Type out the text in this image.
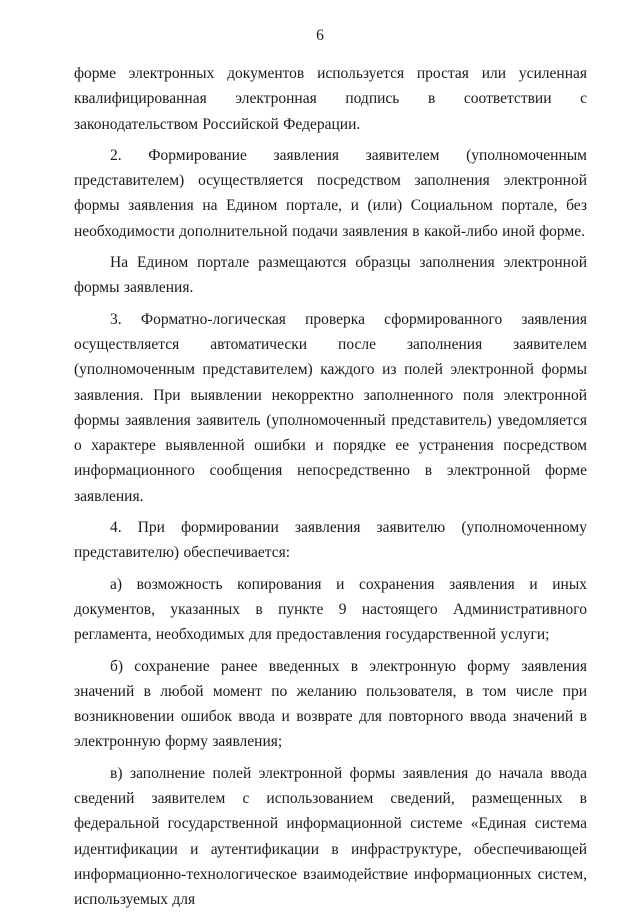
6

форме электронных документов используется простая или усиленная квалифицированная электронная подпись в соответствии с законодательством Российской Федерации.

2. Формирование заявления заявителем (уполномоченным представителем) осуществляется посредством заполнения электронной формы заявления на Едином портале, и (или) Социальном портале, без необходимости дополнительной подачи заявления в какой-либо иной форме.

На Едином портале размещаются образцы заполнения электронной формы заявления.

3. Форматно-логическая проверка сформированного заявления осуществляется автоматически после заполнения заявителем (уполномоченным представителем) каждого из полей электронной формы заявления. При выявлении некорректно заполненного поля электронной формы заявления заявитель (уполномоченный представитель) уведомляется о характере выявленной ошибки и порядке ее устранения посредством информационного сообщения непосредственно в электронной форме заявления.

4. При формировании заявления заявителю (уполномоченному представителю) обеспечивается:

а) возможность копирования и сохранения заявления и иных документов, указанных в пункте 9 настоящего Административного регламента, необходимых для предоставления государственной услуги;

б) сохранение ранее введенных в электронную форму заявления значений в любой момент по желанию пользователя, в том числе при возникновении ошибок ввода и возврате для повторного ввода значений в электронную форму заявления;

в) заполнение полей электронной формы заявления до начала ввода сведений заявителем с использованием сведений, размещенных в федеральной государственной информационной системе «Единая система идентификации и аутентификации в инфраструктуре, обеспечивающей информационно-технологическое взаимодействие информационных систем, используемых для
